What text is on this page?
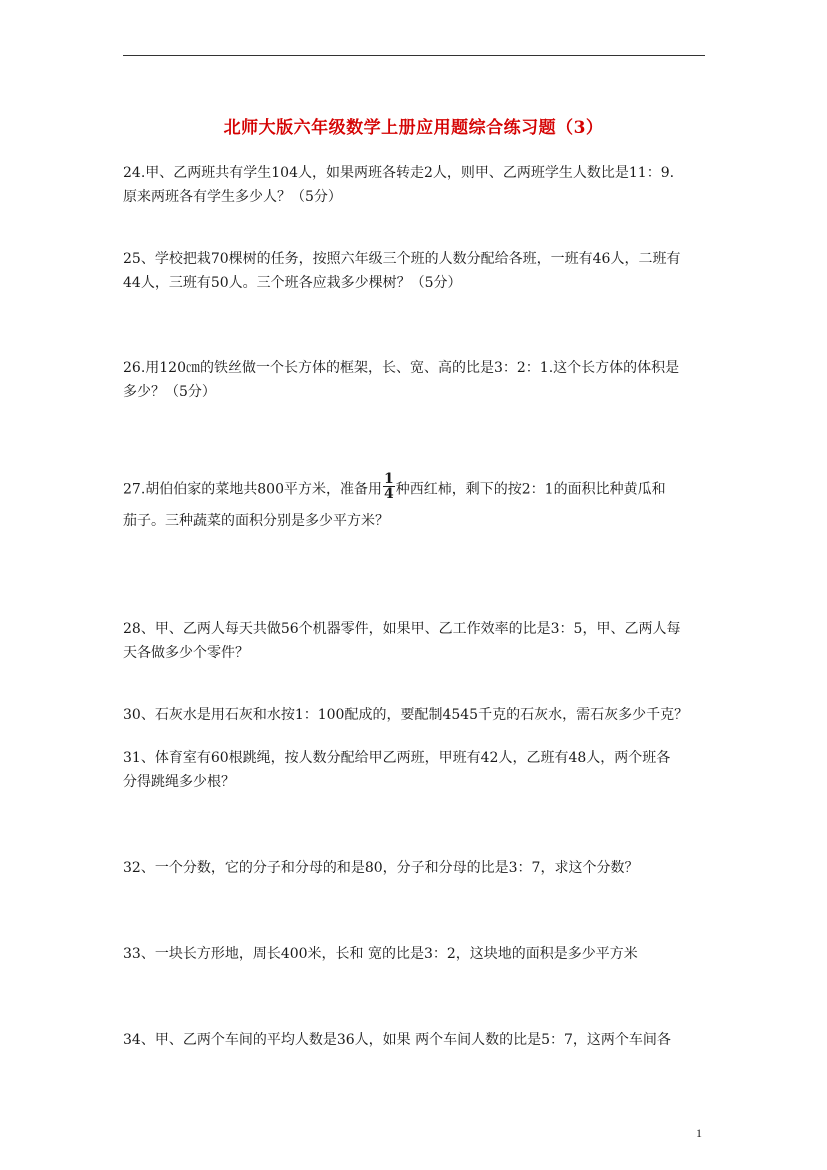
北师大版六年级数学上册应用题综合练习题（3）
24.甲、乙两班共有学生104人，如果两班各转走2人，则甲、乙两班学生人数比是11：9.
原来两班各有学生多少人？（5分）
25、学校把栽70棵树的任务，按照六年级三个班的人数分配给各班，一班有46人，二班有
44人，三班有50人。三个班各应栽多少棵树？（5分）
26.用120㎝的铁丝做一个长方体的框架，长、宽、高的比是3：2：1.这个长方体的体积是
多少？（5分）
27.胡伯伯家的菜地共800平方米，准备用 $\frac{1}{4}$ 种西红柿，剩下的按2：1的面积比种黄瓜和
茄子。三种蔬菜的面积分别是多少平方米？
28、甲、乙两人每天共做56个机器零件，如果甲、乙工作效率的比是3：5，甲、乙两人每
天各做多少个零件？
30、石灰水是用石灰和水按1：100配成的，要配制4545千克的石灰水，需石灰多少千克？
31、体育室有60根跳绳，按人数分配给甲乙两班，甲班有42人，乙班有48人，两个班各
分得跳绳多少根？
32、一个分数，它的分子和分母的和是80，分子和分母的比是3：7，求这个分数？
33、一块长方形地，周长400米，长和 宽的比是3：2，这块地的面积是多少平方米
34、甲、乙两个车间的平均人数是36人，如果 两个车间人数的比是5：7，这两个车间各
1
